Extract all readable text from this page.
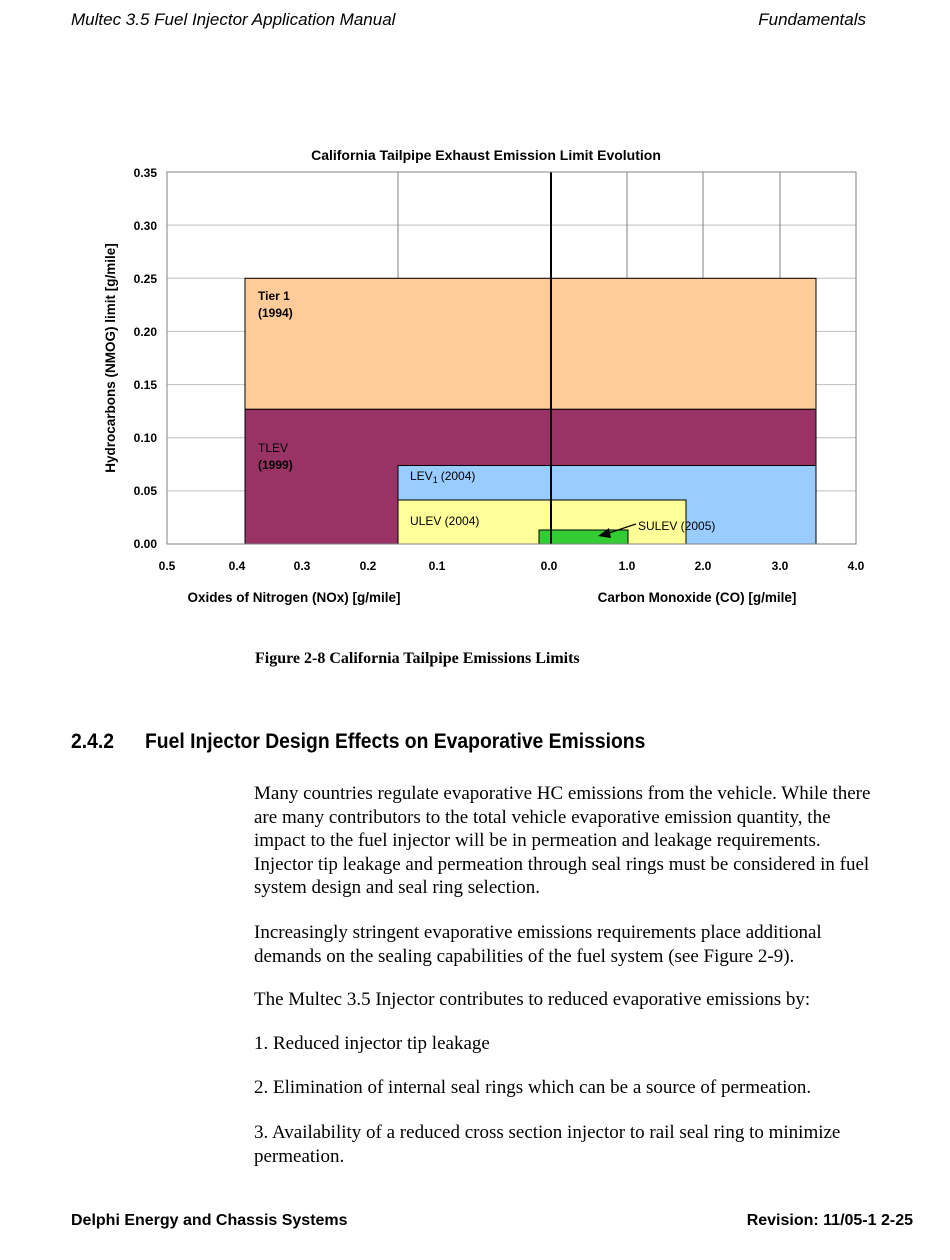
Multec 3.5 Fuel Injector Application Manual	Fundamentals
California Tailpipe Exhaust Emission Limit Evolution
Tier 1
(1994)
TLEV
(1999)
$LEV_1$ (2004)
ULEV (2004)	SULEV (2005)
0.00
0.05
0.10
0.15
0.20
0.25
0.30
0.35
0.5	0.4	0.3	0.2	0.1	0.0	1.0	2.0	3.0	4.0
Oxides of Nitrogen (NOx) [g/mile]	Carbon Monoxide (CO) [g/mile]
Hydrocarbons (NMOG) limit [g/mile]
Figure 2-8 California Tailpipe Emissions Limits
2.4.2 Fuel Injector Design Effects on Evaporative Emissions

Many countries regulate evaporative HC emissions from the vehicle. While there are many contributors to the total vehicle evaporative emission quantity, the impact to the fuel injector will be in permeation and leakage requirements. Injector tip leakage and permeation through seal rings must be considered in fuel system design and seal ring selection.

Increasingly stringent evaporative emissions requirements place additional demands on the sealing capabilities of the fuel system (see Figure 2-9).

The Multec 3.5 Injector contributes to reduced evaporative emissions by:

1. Reduced injector tip leakage

2. Elimination of internal seal rings which can be a source of permeation.

3. Availability of a reduced cross section injector to rail seal ring to minimize permeation.

Delphi Energy and Chassis Systems	Revision: 11/05-1 2-25
